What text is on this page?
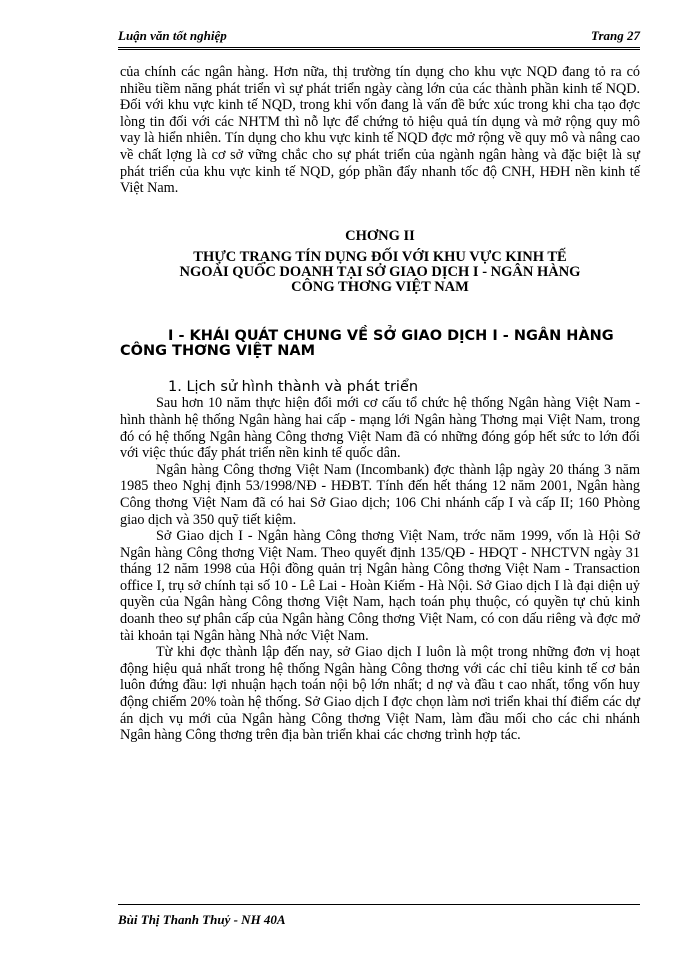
Luận văn tốt nghiệp	Trang 27

của chính các ngân hàng. Hơn nữa, thị trường tín dụng cho khu vực NQD đang tỏ ra có nhiều tiềm năng phát triển vì sự phát triển ngày càng lớn của các thành phần kinh tế NQD. Đối với khu vực kinh tế NQD, trong khi vốn đang là vấn đề bức xúc trong khi cha tạo đợc lòng tin đối với các NHTM thì nỗ lực để chứng tỏ hiệu quả tín dụng và mở rộng quy mô vay là hiển nhiên. Tín dụng cho khu vực kinh tế NQD đợc mở rộng về quy mô và nâng cao về chất lợng là cơ sở vững chắc cho sự phát triển của ngành ngân hàng và đặc biệt là sự phát triển của khu vực kinh tế NQD, góp phần đẩy nhanh tốc độ CNH, HĐH nền kinh tế Việt Nam.

CHƠNG II
THỰC TRẠNG TÍN DỤNG ĐỐI VỚI KHU VỰC KINH TẾ
NGOÀI QUỐC DOANH TẠI SỞ GIAO DỊCH I - NGÂN HÀNG
CÔNG THƠNG VIỆT NAM
I - KHÁI QUÁT CHUNG VỀ SỞ GIAO DỊCH I - NGÂN HÀNG
CÔNG THƠNG VIỆT NAM
1. Lịch sử hình thành và phát triển

Sau hơn 10 năm thực hiện đổi mới cơ cấu tổ chức hệ thống Ngân hàng Việt Nam - hình thành hệ thống Ngân hàng hai cấp - mạng lới Ngân hàng Thơng mại Việt Nam, trong đó có hệ thống Ngân hàng Công thơng Việt Nam đã có những đóng góp hết sức to lớn đối với việc thúc đẩy phát triển nền kinh tế quốc dân.

Ngân hàng Công thơng Việt Nam (Incombank) đợc thành lập ngày 20 tháng 3 năm 1985 theo Nghị định 53/1998/NĐ - HĐBT. Tính đến hết tháng 12 năm 2001, Ngân hàng Công thơng Việt Nam đã có hai Sở Giao dịch; 106 Chi nhánh cấp I và cấp II; 160 Phòng giao dịch và 350 quỹ tiết kiệm.

Sở Giao dịch I - Ngân hàng Công thơng Việt Nam, trớc năm 1999, vốn là Hội Sở Ngân hàng Công thơng Việt Nam. Theo quyết định 135/QĐ - HĐQT - NHCTVN ngày 31 tháng 12 năm 1998 của Hội đồng quản trị Ngân hàng Công thơng Việt Nam - Transaction office I, trụ sở chính tại số 10 - Lê Lai - Hoàn Kiếm - Hà Nội. Sở Giao dịch I là đại diện uỷ quyền của Ngân hàng Công thơng Việt Nam, hạch toán phụ thuộc, có quyền tự chủ kinh doanh theo sự phân cấp của Ngân hàng Công thơng Việt Nam, có con dấu riêng và đợc mở tài khoản tại Ngân hàng Nhà nớc Việt Nam.

Từ khi đợc thành lập đến nay, sở Giao dịch I luôn là một trong những đơn vị hoạt động hiệu quả nhất trong hệ thống Ngân hàng Công thơng với các chỉ tiêu kinh tế cơ bản luôn đứng đầu: lợi nhuận hạch toán nội bộ lớn nhất; d nợ và đầu t cao nhất, tổng vốn huy động chiếm 20% toàn hệ thống. Sở Giao dịch I đợc chọn làm nơi triển khai thí điểm các dự án dịch vụ mới của Ngân hàng Công thơng Việt Nam, làm đầu mối cho các chi nhánh Ngân hàng Công thơng trên địa bàn triển khai các chơng trình hợp tác.

Bùi Thị Thanh Thuỷ - NH 40A
